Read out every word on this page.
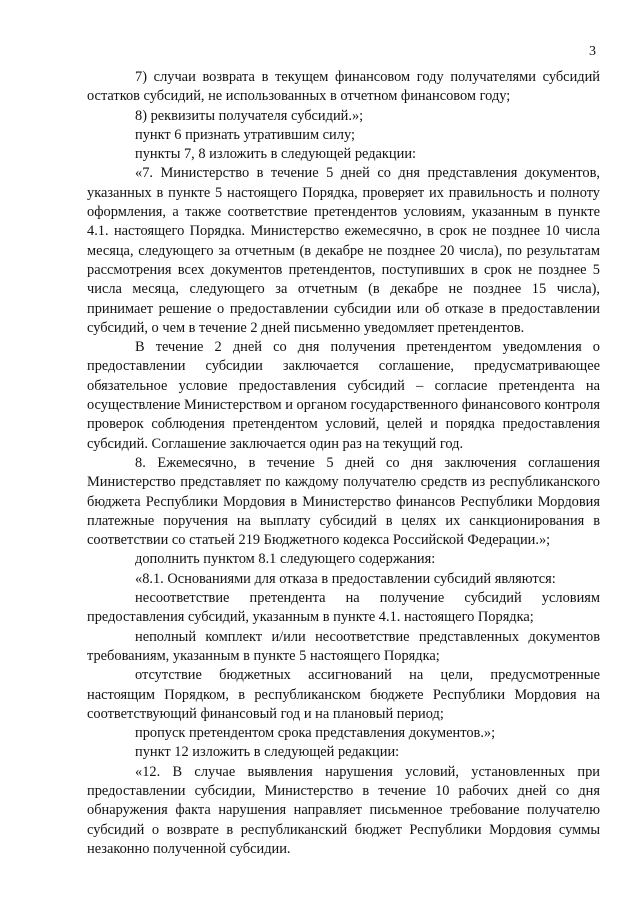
3

7) случаи возврата в текущем финансовом году получателями субсидий остатков субсидий, не использованных в отчетном финансовом году;

8) реквизиты получателя субсидий.»;

пункт 6 признать утратившим силу;

пункты 7, 8 изложить в следующей редакции:

«7. Министерство в течение 5 дней со дня представления документов, указанных в пункте 5 настоящего Порядка, проверяет их правильность и полноту оформления, а также соответствие претендентов условиям, указанным в пункте 4.1. настоящего Порядка. Министерство ежемесячно, в срок не позднее 10 числа месяца, следующего за отчетным (в декабре не позднее 20 числа), по результатам рассмотрения всех документов претендентов, поступивших в срок не позднее 5 числа месяца, следующего за отчетным (в декабре не позднее 15 числа), принимает решение о предоставлении субсидии или об отказе в предоставлении субсидий, о чем в течение 2 дней письменно уведомляет претендентов.

В течение 2 дней со дня получения претендентом уведомления о предоставлении субсидии заключается соглашение, предусматривающее обязательное условие предоставления субсидий – согласие претендента на осуществление Министерством и органом государственного финансового контроля проверок соблюдения претендентом условий, целей и порядка предоставления субсидий. Соглашение заключается один раз на текущий год.

8. Ежемесячно, в течение 5 дней со дня заключения соглашения Министерство представляет по каждому получателю средств из республиканского бюджета Республики Мордовия в Министерство финансов Республики Мордовия платежные поручения на выплату субсидий в целях их санкционирования в соответствии со статьей 219 Бюджетного кодекса Российской Федерации.»;

дополнить пунктом 8.1 следующего содержания:

«8.1. Основаниями для отказа в предоставлении субсидий являются:

несоответствие претендента на получение субсидий условиям предоставления субсидий, указанным в пункте 4.1. настоящего Порядка;

неполный комплект и/или несоответствие представленных документов требованиям, указанным в пункте 5 настоящего Порядка;

отсутствие бюджетных ассигнований на цели, предусмотренные настоящим Порядком, в республиканском бюджете Республики Мордовия на соответствующий финансовый год и на плановый период;

пропуск претендентом срока представления документов.»;

пункт 12 изложить в следующей редакции:

«12. В случае выявления нарушения условий, установленных при предоставлении субсидии, Министерство в течение 10 рабочих дней со дня обнаружения факта нарушения направляет письменное требование получателю субсидий о возврате в республиканский бюджет Республики Мордовия суммы незаконно полученной субсидии.
